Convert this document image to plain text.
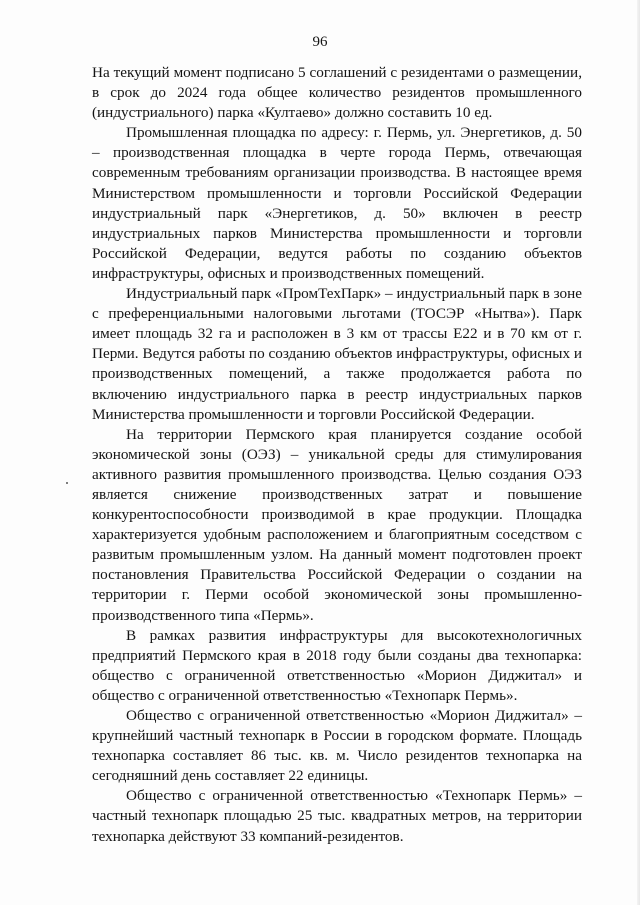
96

На текущий момент подписано 5 соглашений с резидентами о размещении, в срок до 2024 года общее количество резидентов промышленного (индустриального) парка «Култаево» должно составить 10 ед.

Промышленная площадка по адресу: г. Пермь, ул. Энергетиков, д. 50 – производственная площадка в черте города Пермь, отвечающая современным требованиям организации производства. В настоящее время Министерством промышленности и торговли Российской Федерации индустриальный парк «Энергетиков, д. 50» включен в реестр индустриальных парков Министерства промышленности и торговли Российской Федерации, ведутся работы по созданию объектов инфраструктуры, офисных и производственных помещений.

Индустриальный парк «ПромТехПарк» – индустриальный парк в зоне с преференциальными налоговыми льготами (ТОСЭР «Нытва»). Парк имеет площадь 32 га и расположен в 3 км от трассы Е22 и в 70 км от г. Перми. Ведутся работы по созданию объектов инфраструктуры, офисных и производственных помещений, а также продолжается работа по включению индустриального парка в реестр индустриальных парков Министерства промышленности и торговли Российской Федерации.

На территории Пермского края планируется создание особой экономической зоны (ОЭЗ) – уникальной среды для стимулирования активного развития промышленного производства. Целью создания ОЭЗ является снижение производственных затрат и повышение конкурентоспособности производимой в крае продукции. Площадка характеризуется удобным расположением и благоприятным соседством с развитым промышленным узлом. На данный момент подготовлен проект постановления Правительства Российской Федерации о создании на территории г. Перми особой экономической зоны промышленно-производственного типа «Пермь».

В рамках развития инфраструктуры для высокотехнологичных предприятий Пермского края в 2018 году были созданы два технопарка: общество с ограниченной ответственностью «Морион Диджитал» и общество с ограниченной ответственностью «Технопарк Пермь».

Общество с ограниченной ответственностью «Морион Диджитал» – крупнейший частный технопарк в России в городском формате. Площадь технопарка составляет 86 тыс. кв. м. Число резидентов технопарка на сегодняшний день составляет 22 единицы.

Общество с ограниченной ответственностью «Технопарк Пермь» – частный технопарк площадью 25 тыс. квадратных метров, на территории технопарка действуют 33 компаний-резидентов.
